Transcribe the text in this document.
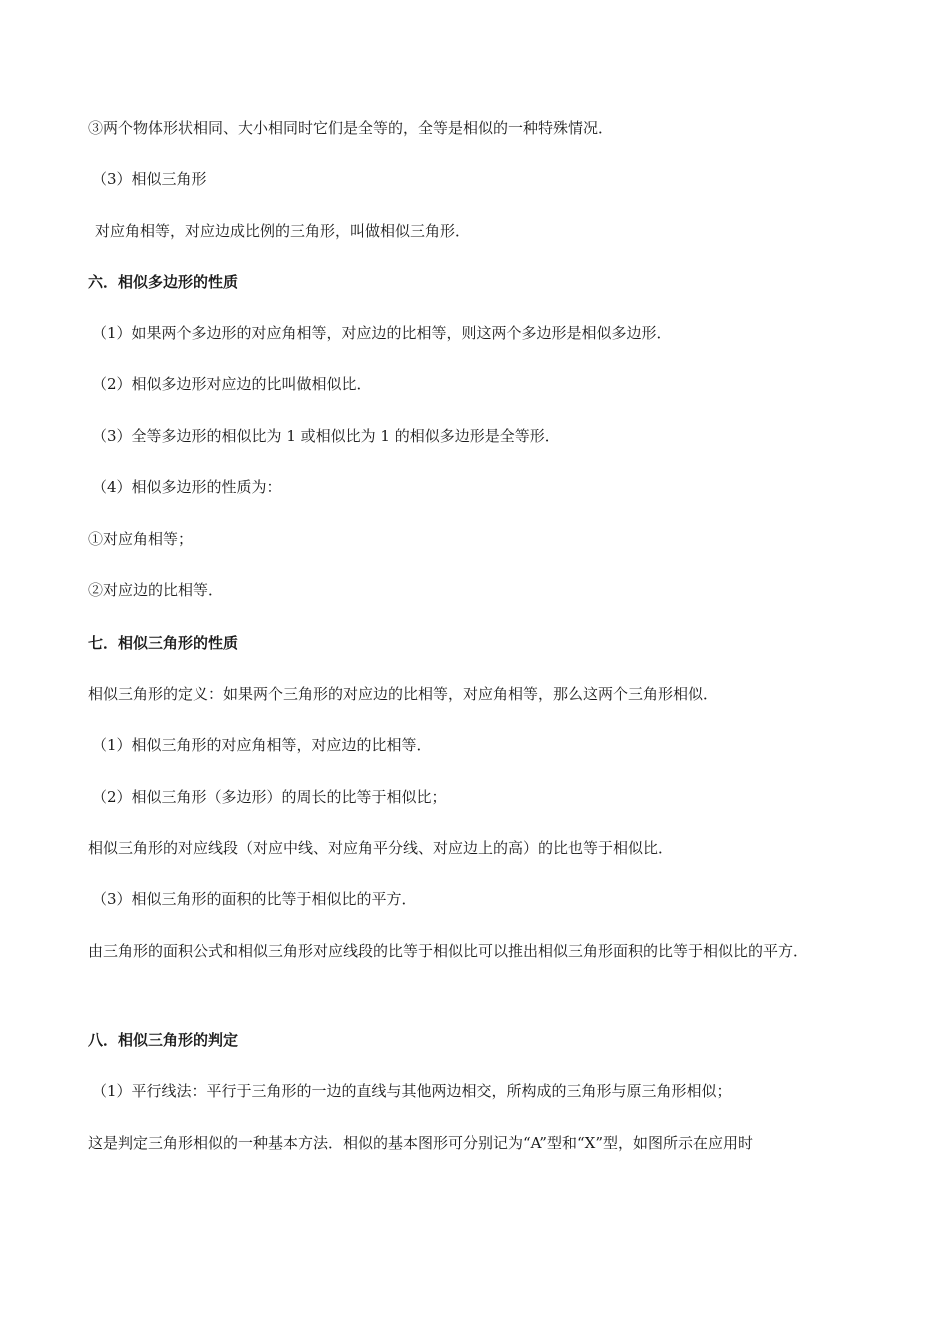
③两个物体形状相同、大小相同时它们是全等的，全等是相似的一种特殊情况．
（3）相似三角形
对应角相等，对应边成比例的三角形，叫做相似三角形．
六．相似多边形的性质
（1）如果两个多边形的对应角相等，对应边的比相等，则这两个多边形是相似多边形．
（2）相似多边形对应边的比叫做相似比．
（3）全等多边形的相似比为 1 或相似比为 1 的相似多边形是全等形．
（4）相似多边形的性质为：
①对应角相等；
②对应边的比相等．
七．相似三角形的性质
相似三角形的定义：如果两个三角形的对应边的比相等，对应角相等，那么这两个三角形相似．
（1）相似三角形的对应角相等，对应边的比相等．
（2）相似三角形（多边形）的周长的比等于相似比；
相似三角形的对应线段（对应中线、对应角平分线、对应边上的高）的比也等于相似比．
（3）相似三角形的面积的比等于相似比的平方．
由三角形的面积公式和相似三角形对应线段的比等于相似比可以推出相似三角形面积的比等于相似比的平方．
八．相似三角形的判定
（1）平行线法：平行于三角形的一边的直线与其他两边相交，所构成的三角形与原三角形相似；
这是判定三角形相似的一种基本方法．相似的基本图形可分别记为“A”型和“X”型，如图所示在应用时
